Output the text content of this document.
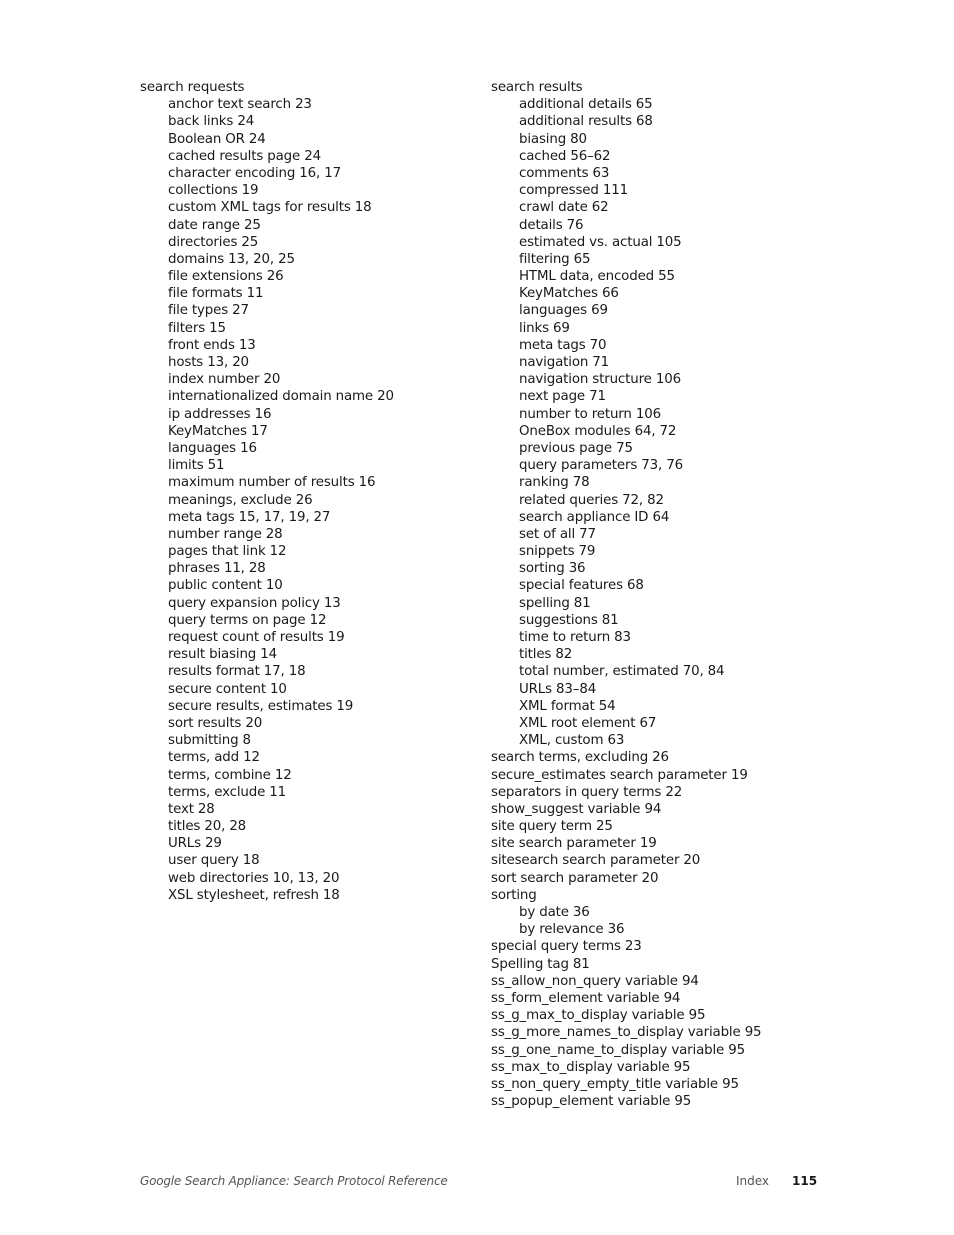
search requests
anchor text search 23
back links 24
Boolean OR 24
cached results page 24
character encoding 16, 17
collections 19
custom XML tags for results 18
date range 25
directories 25
domains 13, 20, 25
file extensions 26
file formats 11
file types 27
filters 15
front ends 13
hosts 13, 20
index number 20
internationalized domain name 20
ip addresses 16
KeyMatches 17
languages 16
limits 51
maximum number of results 16
meanings, exclude 26
meta tags 15, 17, 19, 27
number range 28
pages that link 12
phrases 11, 28
public content 10
query expansion policy 13
query terms on page 12
request count of results 19
result biasing 14
results format 17, 18
secure content 10
secure results, estimates 19
sort results 20
submitting 8
terms, add 12
terms, combine 12
terms, exclude 11
text 28
titles 20, 28
URLs 29
user query 18
web directories 10, 13, 20
XSL stylesheet, refresh 18
search results
additional details 65
additional results 68
biasing 80
cached 56–62
comments 63
compressed 111
crawl date 62
details 76
estimated vs. actual 105
filtering 65
HTML data, encoded 55
KeyMatches 66
languages 69
links 69
meta tags 70
navigation 71
navigation structure 106
next page 71
number to return 106
OneBox modules 64, 72
previous page 75
query parameters 73, 76
ranking 78
related queries 72, 82
search appliance ID 64
set of all 77
snippets 79
sorting 36
special features 68
spelling 81
suggestions 81
time to return 83
titles 82
total number, estimated 70, 84
URLs 83–84
XML format 54
XML root element 67
XML, custom 63
search terms, excluding 26
secure_estimates search parameter 19
separators in query terms 22
show_suggest variable 94
site query term 25
site search parameter 19
sitesearch search parameter 20
sort search parameter 20
sorting
by date 36
by relevance 36
special query terms 23
Spelling tag 81
ss_allow_non_query variable 94
ss_form_element variable 94
ss_g_max_to_display variable 95
ss_g_more_names_to_display variable 95
ss_g_one_name_to_display variable 95
ss_max_to_display variable 95
ss_non_query_empty_title variable 95
ss_popup_element variable 95
Google Search Appliance: Search Protocol Reference	Index 115
